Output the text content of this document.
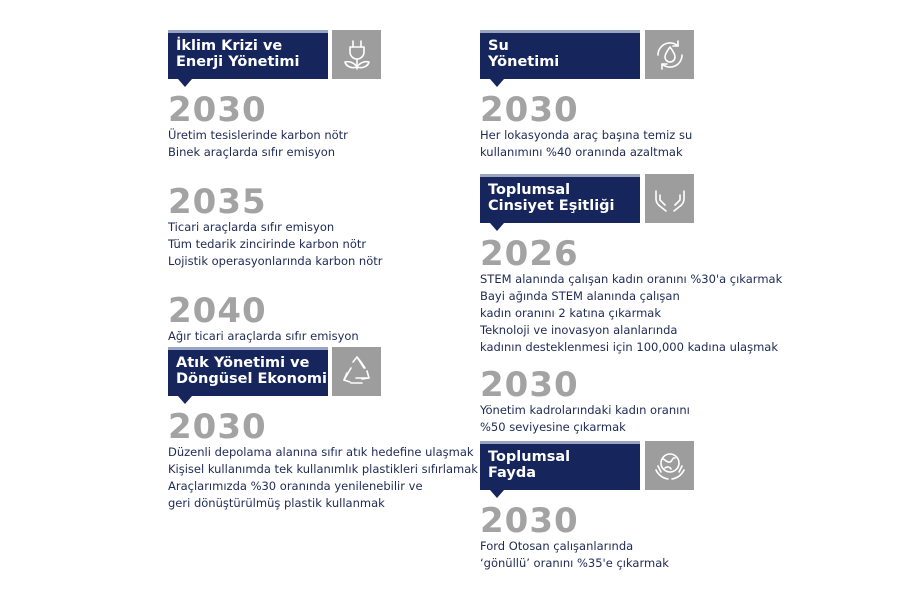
İklim Krizi ve
Enerji Yönetimi
2030
Üretim tesislerinde karbon nötr
Binek araçlarda sıfır emisyon
2035
Ticari araçlarda sıfır emisyon
Tüm tedarik zincirinde karbon nötr
Lojistik operasyonlarında karbon nötr
2040
Ağır ticari araçlarda sıfır emisyon
Atık Yönetimi ve
Döngüsel Ekonomi
2030
Düzenli depolama alanına sıfır atık hedefine ulaşmak
Kişisel kullanımda tek kullanımlık plastikleri sıfırlamak
Araçlarımızda %30 oranında yenilenebilir ve
geri dönüştürülmüş plastik kullanmak
Su
Yönetimi
2030
Her lokasyonda araç başına temiz su
kullanımını %40 oranında azaltmak
Toplumsal
Cinsiyet Eşitliği
2026
STEM alanında çalışan kadın oranını %30'a çıkarmak
Bayi ağında STEM alanında çalışan
kadın oranını 2 katına çıkarmak
Teknoloji ve inovasyon alanlarında
kadının desteklenmesi için 100,000 kadına ulaşmak
2030
Yönetim kadrolarındaki kadın oranını
%50 seviyesine çıkarmak
Toplumsal
Fayda
2030
Ford Otosan çalışanlarında
‘gönüllü’ oranını %35'e çıkarmak
